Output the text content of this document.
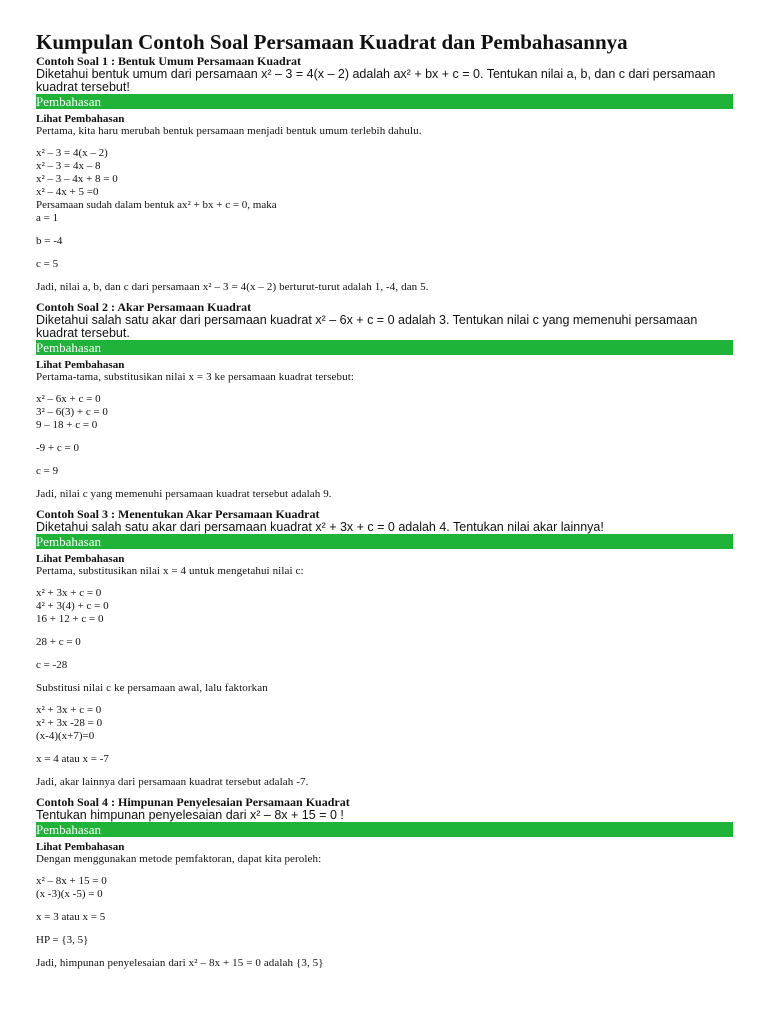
Kumpulan Contoh Soal Persamaan Kuadrat dan Pembahasannya
Contoh Soal 1 : Bentuk Umum Persamaan Kuadrat
Diketahui bentuk umum dari persamaan x² – 3 = 4(x – 2) adalah ax² + bx + c = 0. Tentukan nilai a, b, dan c dari persamaan kuadrat tersebut!
Pembahasan
Lihat Pembahasan
Pertama, kita haru merubah bentuk persamaan menjadi bentuk umum terlebih dahulu.
x² – 3 = 4(x – 2)
x² – 3 = 4x – 8
x² – 3 – 4x + 8 = 0
x² – 4x + 5 =0
Persamaan sudah dalam bentuk ax² + bx + c = 0, maka
a = 1
b = -4
c = 5
Jadi, nilai a, b, dan c dari persamaan x² – 3 = 4(x – 2) berturut-turut adalah 1, -4, dan 5.
Contoh Soal 2 : Akar Persamaan Kuadrat
Diketahui salah satu akar dari persamaan kuadrat x² – 6x + c = 0 adalah 3. Tentukan nilai c yang memenuhi persamaan kuadrat tersebut.
Pembahasan
Lihat Pembahasan
Pertama-tama, substitusikan nilai x = 3 ke persamaan kuadrat tersebut:
x² – 6x + c = 0
3² – 6(3) + c = 0
9 – 18 + c = 0
-9 + c = 0
c = 9
Jadi, nilai c yang memenuhi persamaan kuadrat tersebut adalah 9.
Contoh Soal 3 : Menentukan Akar Persamaan Kuadrat
Diketahui salah satu akar dari persamaan kuadrat x² + 3x + c = 0 adalah 4. Tentukan nilai akar lainnya!
Pembahasan
Lihat Pembahasan
Pertama, substitusikan nilai x = 4 untuk mengetahui nilai c:
x² + 3x + c = 0
4² + 3(4) + c = 0
16 + 12 + c = 0
28 + c = 0
c = -28
Substitusi nilai c ke persamaan awal, lalu faktorkan
x² + 3x + c = 0
x² + 3x -28 = 0
(x-4)(x+7)=0
x = 4 atau x = -7
Jadi, akar lainnya dari persamaan kuadrat tersebut adalah -7.
Contoh Soal 4 : Himpunan Penyelesaian Persamaan Kuadrat
Tentukan himpunan penyelesaian dari x² – 8x + 15 = 0 !
Pembahasan
Lihat Pembahasan
Dengan menggunakan metode pemfaktoran, dapat kita peroleh:
x² – 8x + 15 = 0
(x -3)(x -5) = 0
x = 3 atau x = 5
HP = {3, 5}
Jadi, himpunan penyelesaian dari x² – 8x + 15 = 0 adalah {3, 5}
